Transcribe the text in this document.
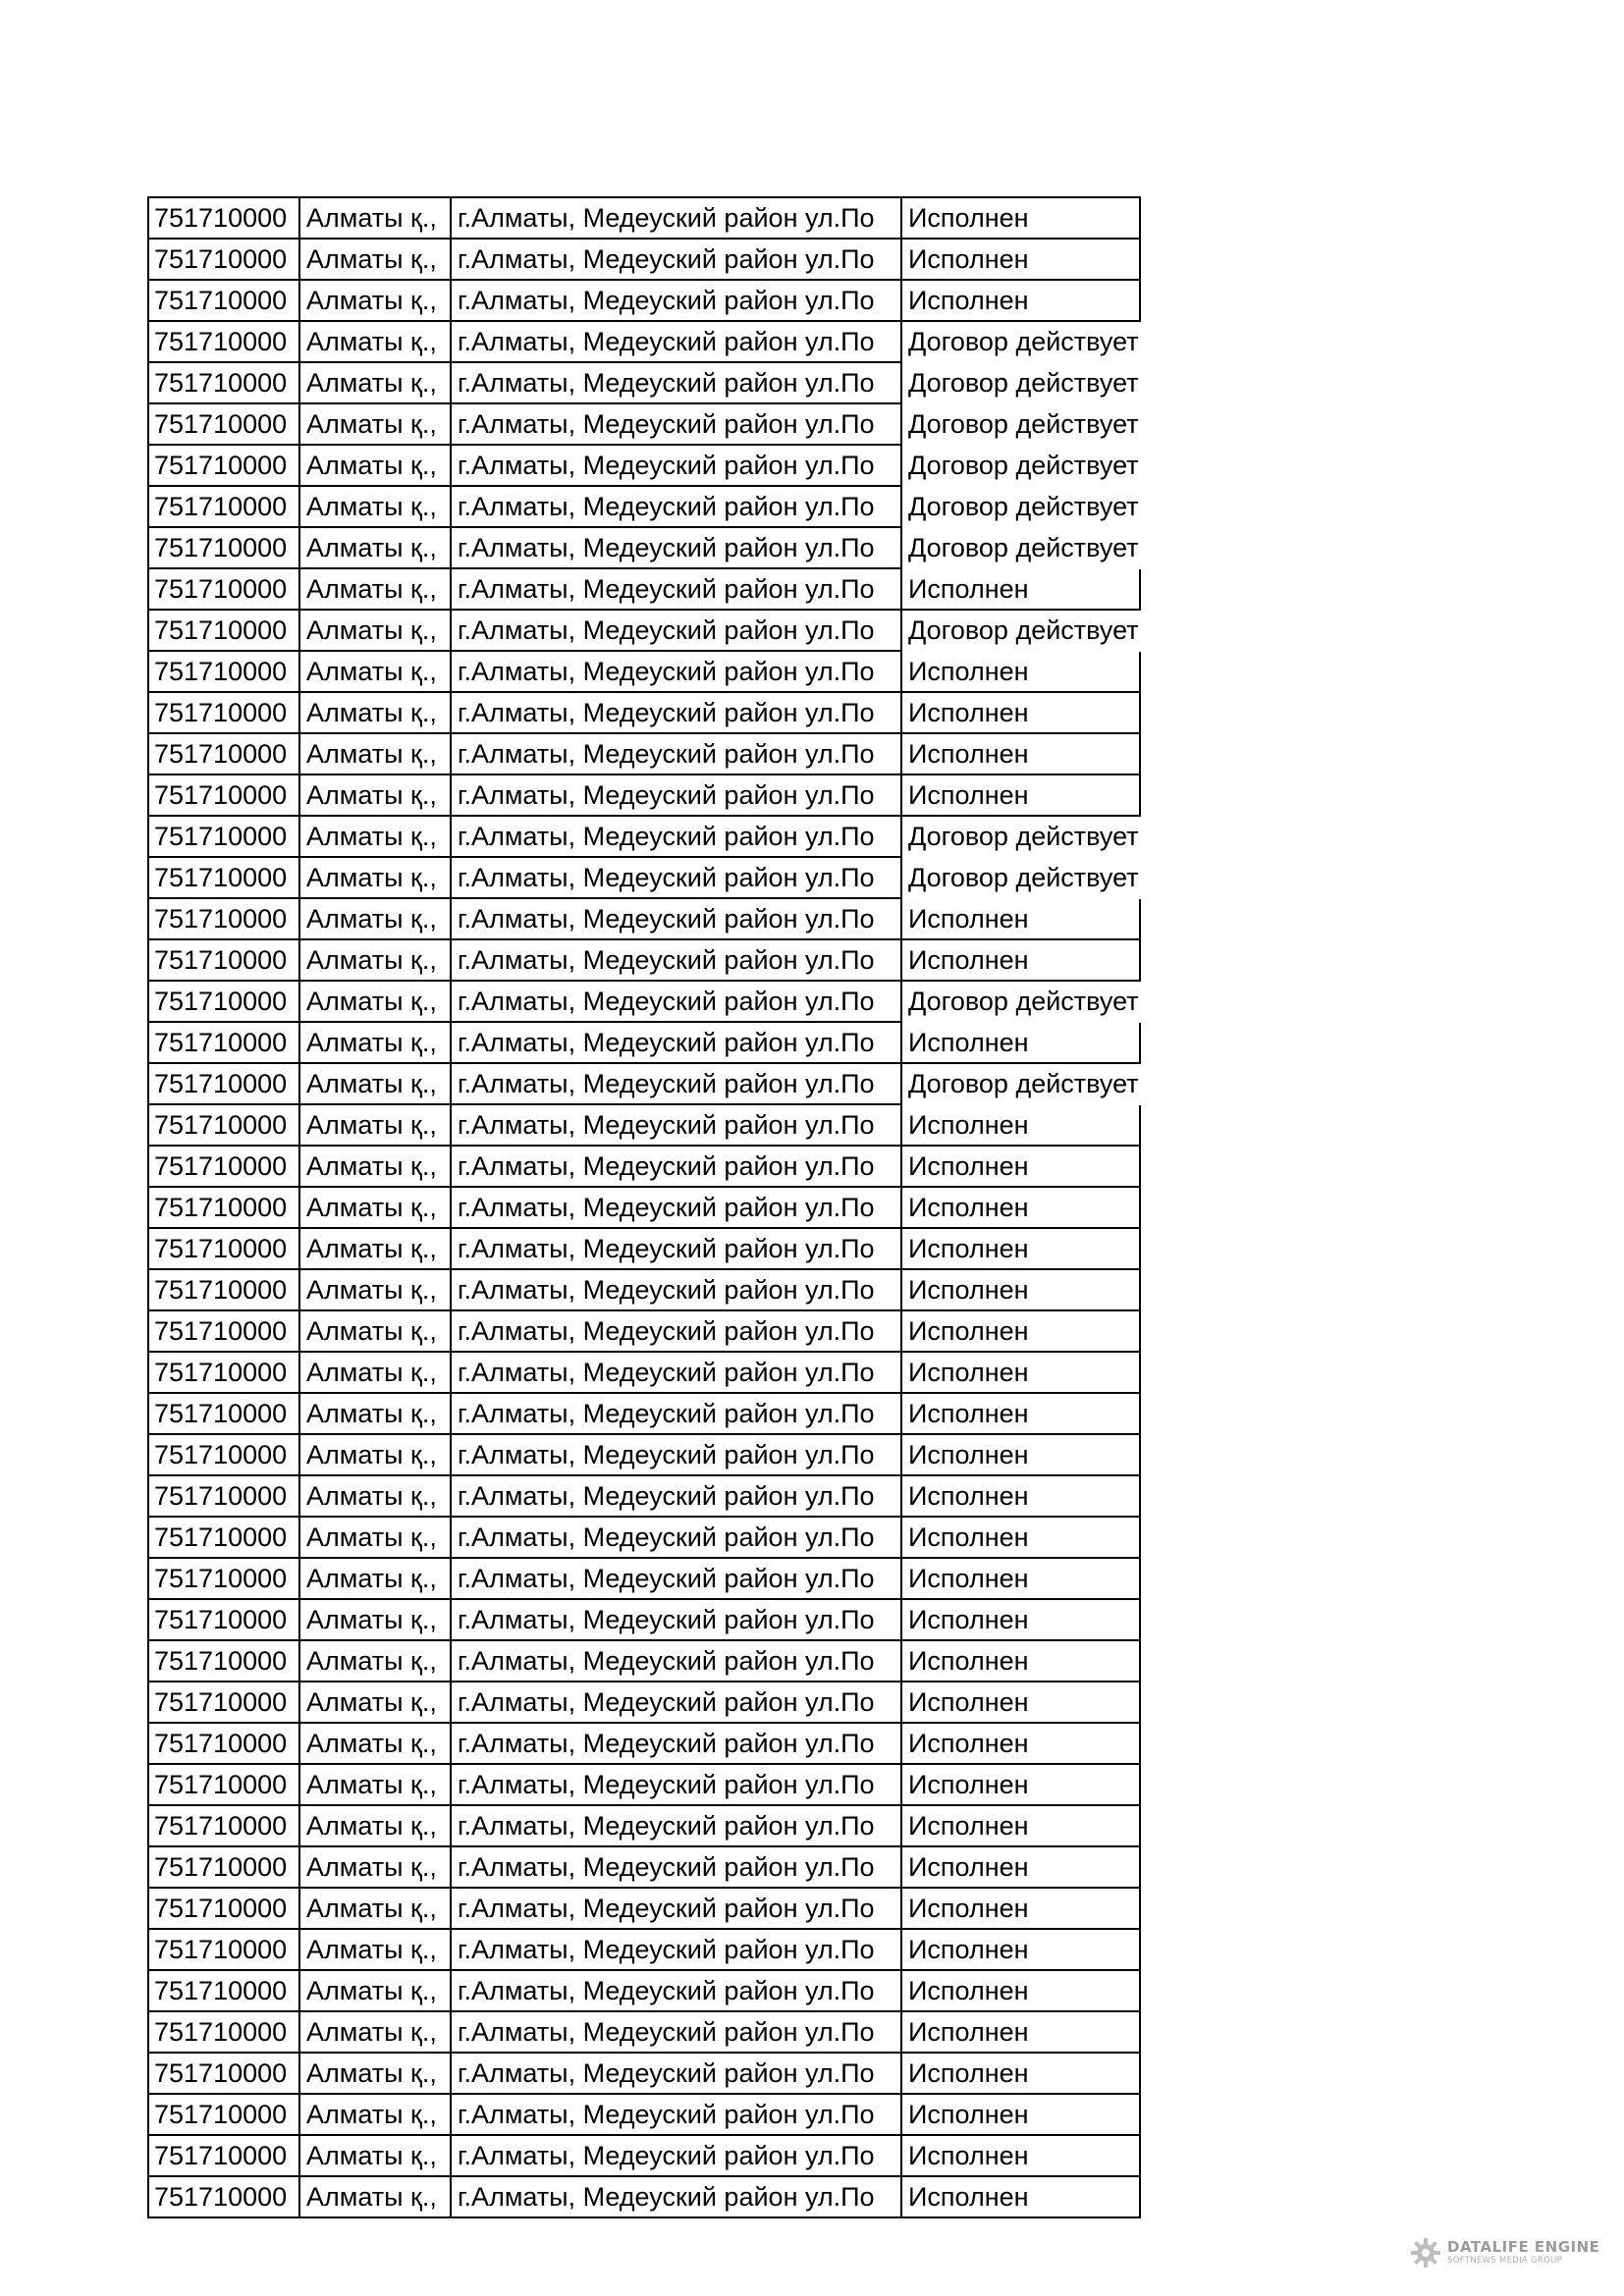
751710000	Алматы қ.,	г.Алматы, Медеуский район ул.По	Исполнен
751710000	Алматы қ.,	г.Алматы, Медеуский район ул.По	Исполнен
751710000	Алматы қ.,	г.Алматы, Медеуский район ул.По	Исполнен
751710000	Алматы қ.,	г.Алматы, Медеуский район ул.По	Договор действует
751710000	Алматы қ.,	г.Алматы, Медеуский район ул.По	Договор действует
751710000	Алматы қ.,	г.Алматы, Медеуский район ул.По	Договор действует
751710000	Алматы қ.,	г.Алматы, Медеуский район ул.По	Договор действует
751710000	Алматы қ.,	г.Алматы, Медеуский район ул.По	Договор действует
751710000	Алматы қ.,	г.Алматы, Медеуский район ул.По	Договор действует
751710000	Алматы қ.,	г.Алматы, Медеуский район ул.По	Исполнен
751710000	Алматы қ.,	г.Алматы, Медеуский район ул.По	Договор действует
751710000	Алматы қ.,	г.Алматы, Медеуский район ул.По	Исполнен
751710000	Алматы қ.,	г.Алматы, Медеуский район ул.По	Исполнен
751710000	Алматы қ.,	г.Алматы, Медеуский район ул.По	Исполнен
751710000	Алматы қ.,	г.Алматы, Медеуский район ул.По	Исполнен
751710000	Алматы қ.,	г.Алматы, Медеуский район ул.По	Договор действует
751710000	Алматы қ.,	г.Алматы, Медеуский район ул.По	Договор действует
751710000	Алматы қ.,	г.Алматы, Медеуский район ул.По	Исполнен
751710000	Алматы қ.,	г.Алматы, Медеуский район ул.По	Исполнен
751710000	Алматы қ.,	г.Алматы, Медеуский район ул.По	Договор действует
751710000	Алматы қ.,	г.Алматы, Медеуский район ул.По	Исполнен
751710000	Алматы қ.,	г.Алматы, Медеуский район ул.По	Договор действует
751710000	Алматы қ.,	г.Алматы, Медеуский район ул.По	Исполнен
751710000	Алматы қ.,	г.Алматы, Медеуский район ул.По	Исполнен
751710000	Алматы қ.,	г.Алматы, Медеуский район ул.По	Исполнен
751710000	Алматы қ.,	г.Алматы, Медеуский район ул.По	Исполнен
751710000	Алматы қ.,	г.Алматы, Медеуский район ул.По	Исполнен
751710000	Алматы қ.,	г.Алматы, Медеуский район ул.По	Исполнен
751710000	Алматы қ.,	г.Алматы, Медеуский район ул.По	Исполнен
751710000	Алматы қ.,	г.Алматы, Медеуский район ул.По	Исполнен
751710000	Алматы қ.,	г.Алматы, Медеуский район ул.По	Исполнен
751710000	Алматы қ.,	г.Алматы, Медеуский район ул.По	Исполнен
751710000	Алматы қ.,	г.Алматы, Медеуский район ул.По	Исполнен
751710000	Алматы қ.,	г.Алматы, Медеуский район ул.По	Исполнен
751710000	Алматы қ.,	г.Алматы, Медеуский район ул.По	Исполнен
751710000	Алматы қ.,	г.Алматы, Медеуский район ул.По	Исполнен
751710000	Алматы қ.,	г.Алматы, Медеуский район ул.По	Исполнен
751710000	Алматы қ.,	г.Алматы, Медеуский район ул.По	Исполнен
751710000	Алматы қ.,	г.Алматы, Медеуский район ул.По	Исполнен
751710000	Алматы қ.,	г.Алматы, Медеуский район ул.По	Исполнен
751710000	Алматы қ.,	г.Алматы, Медеуский район ул.По	Исполнен
751710000	Алматы қ.,	г.Алматы, Медеуский район ул.По	Исполнен
751710000	Алматы қ.,	г.Алматы, Медеуский район ул.По	Исполнен
751710000	Алматы қ.,	г.Алматы, Медеуский район ул.По	Исполнен
751710000	Алматы қ.,	г.Алматы, Медеуский район ул.По	Исполнен
751710000	Алматы қ.,	г.Алматы, Медеуский район ул.По	Исполнен
751710000	Алматы қ.,	г.Алматы, Медеуский район ул.По	Исполнен
751710000	Алматы қ.,	г.Алматы, Медеуский район ул.По	Исполнен
751710000	Алматы қ.,	г.Алматы, Медеуский район ул.По	Исполнен
DATALIFE ENGINE
SOFTNEWS MEDIA GROUP
